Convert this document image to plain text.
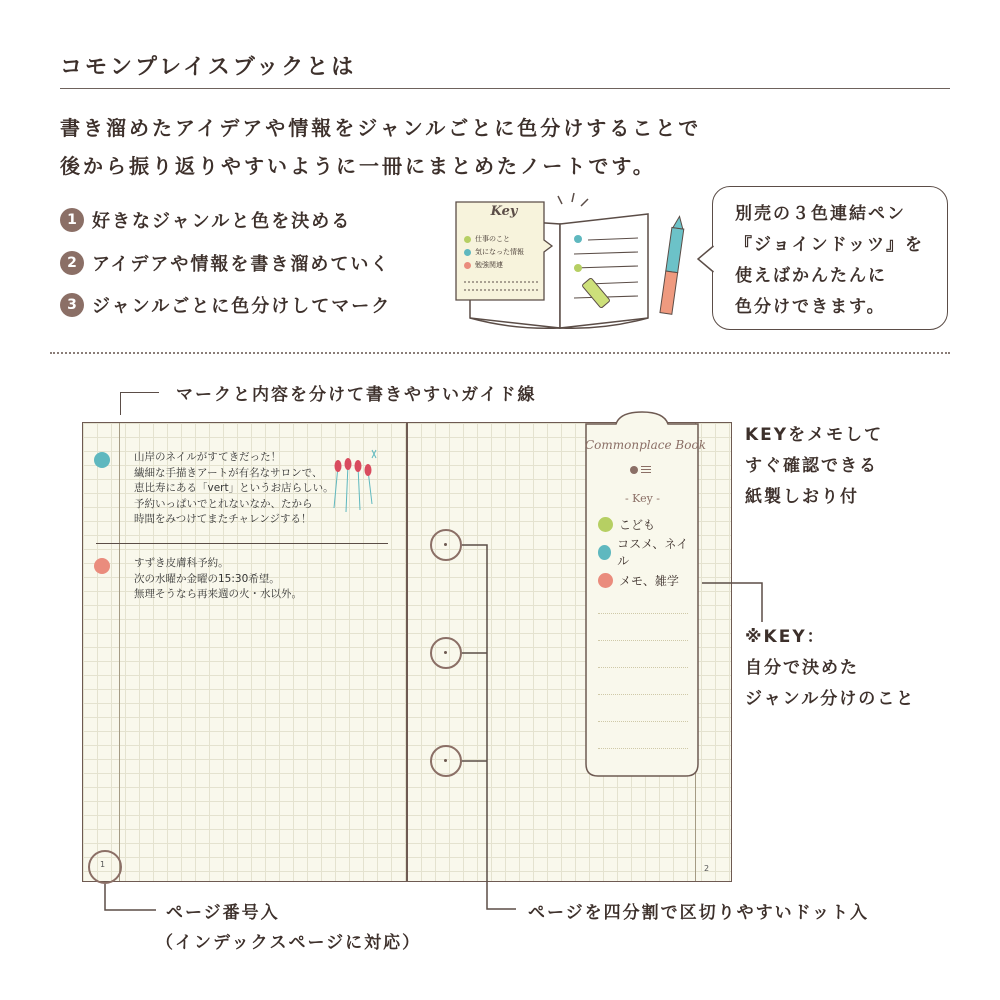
コモンプレイスブックとは
書き溜めたアイデアや情報をジャンルごとに色分けすることで
後から振り返りやすいように一冊にまとめたノートです。
1 好きなジャンルと色を決める
2 アイデアや情報を書き溜めていく
3 ジャンルごとに色分けしてマーク
Key
仕事のこと
気になった情報
勉強関連
別売の３色連結ペン
『ジョインドッツ』を
使えばかんたんに
色分けできます。
マークと内容を分けて書きやすいガイド線
山岸のネイルがすてきだった！
繊細な手描きアートが有名なサロンで、
恵比寿にある「vert」というお店らしい。
予約いっぱいでとれないなか、たから
時間をみつけてまたチャレンジする！
すずき皮膚科予約。
次の水曜か金曜の15:30希望。
無理そうなら再来週の火・水以外。
1	2
ページを四分割で区切りやすいドット入
ページ番号入
（インデックスページに対応）
Commonplace Book
- Key -
こども
コスメ、ネイル
メモ、雑学
KEYをメモして
すぐ確認できる
紙製しおり付
※KEY：
自分で決めた
ジャンル分けのこと
